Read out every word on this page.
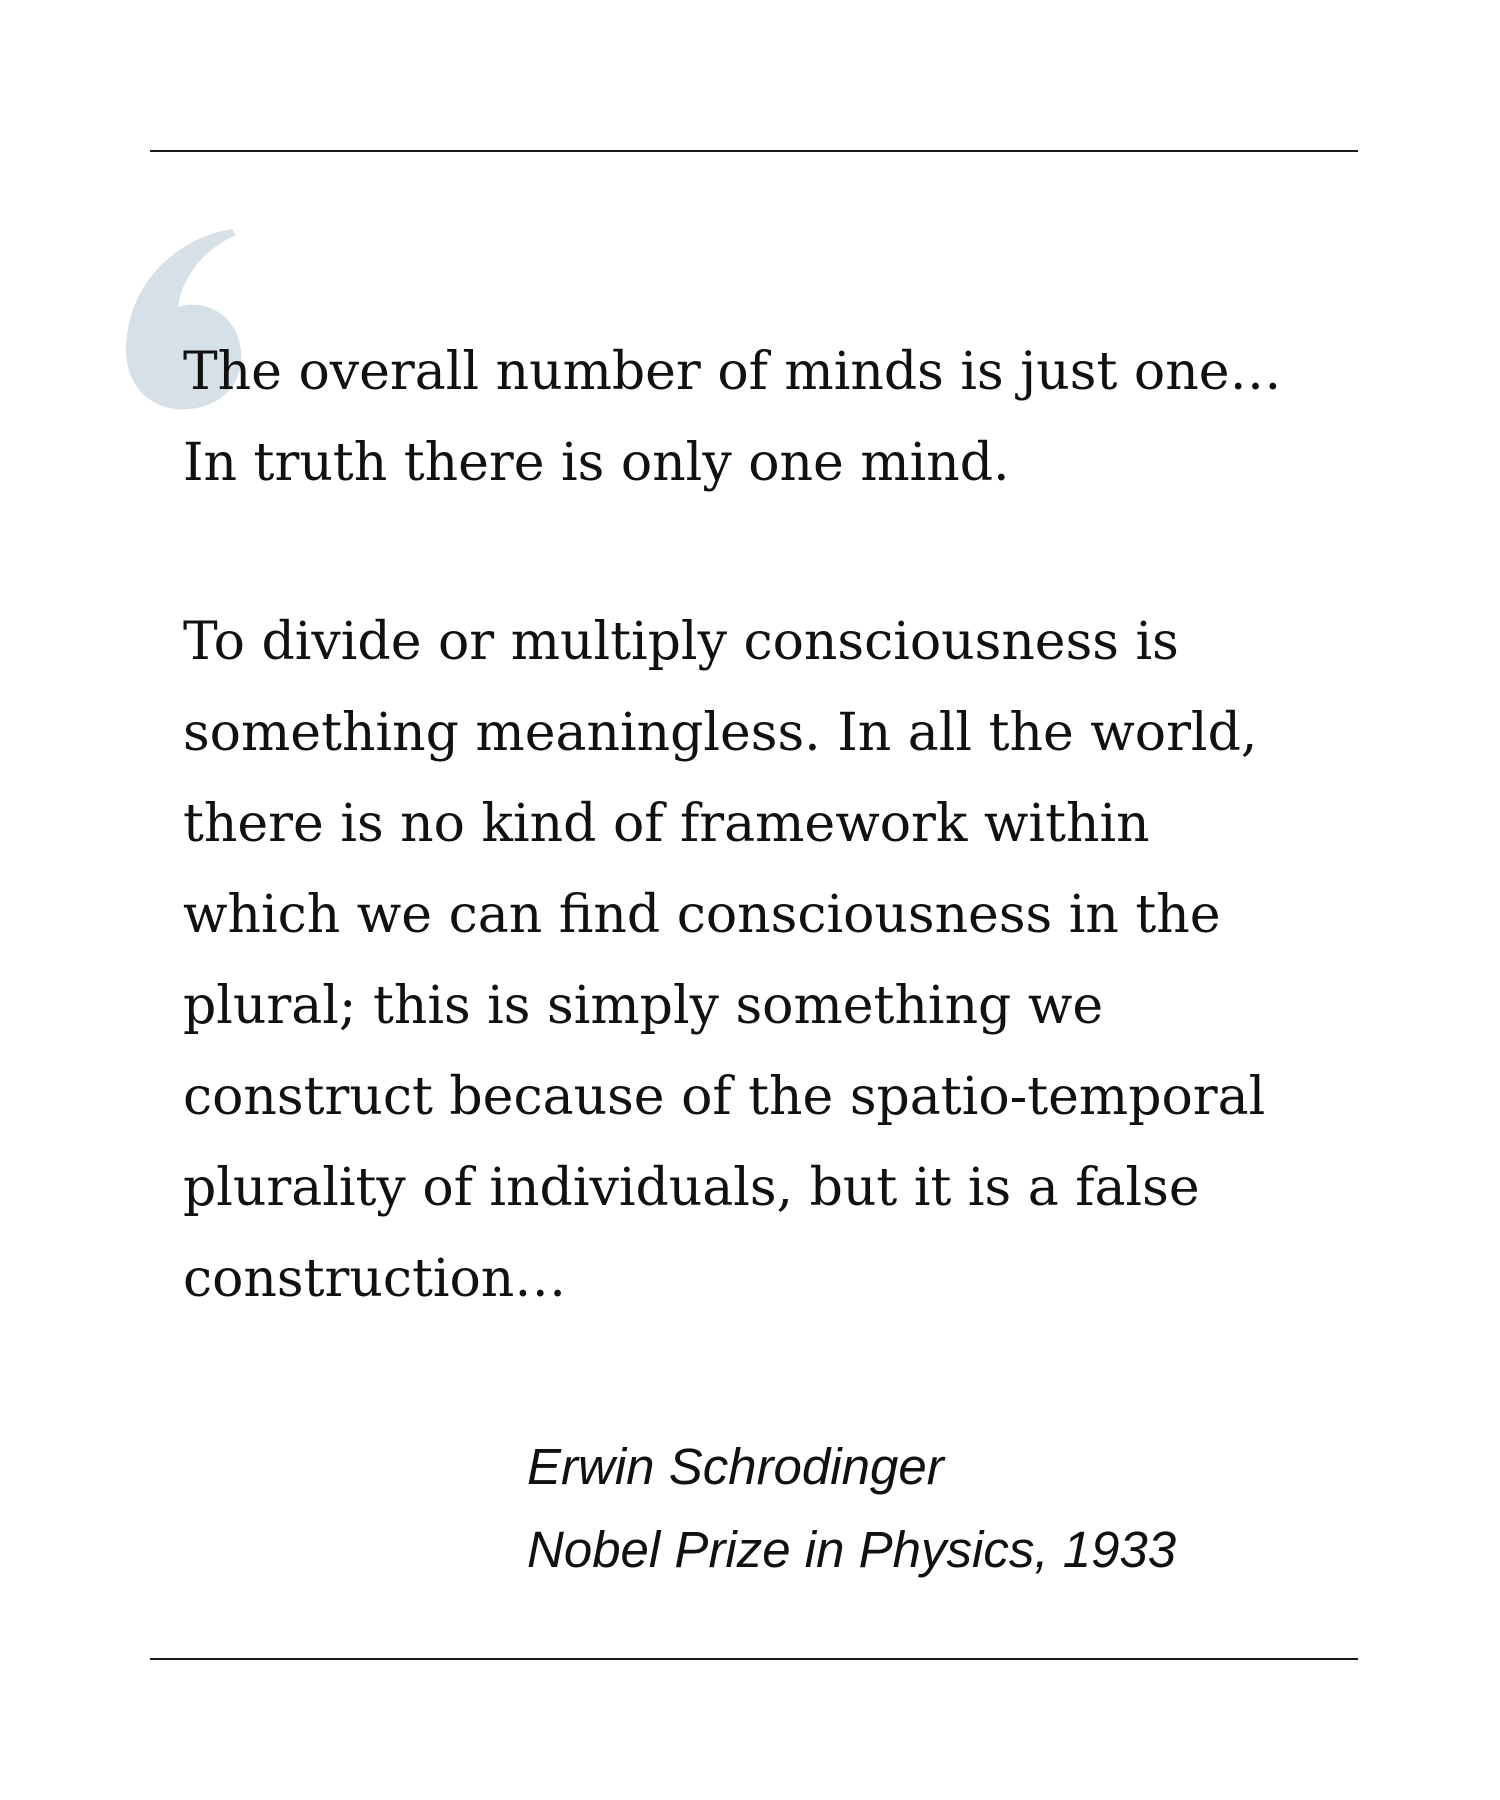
The overall number of minds is just one…
In truth there is only one mind.

To divide or multiply consciousness is
something meaningless. In all the world,
there is no kind of framework within
which we can find consciousness in the
plural; this is simply something we
construct because of the spatio-temporal
plurality of individuals, but it is a false
construction…

Erwin Schrodinger
Nobel Prize in Physics, 1933
